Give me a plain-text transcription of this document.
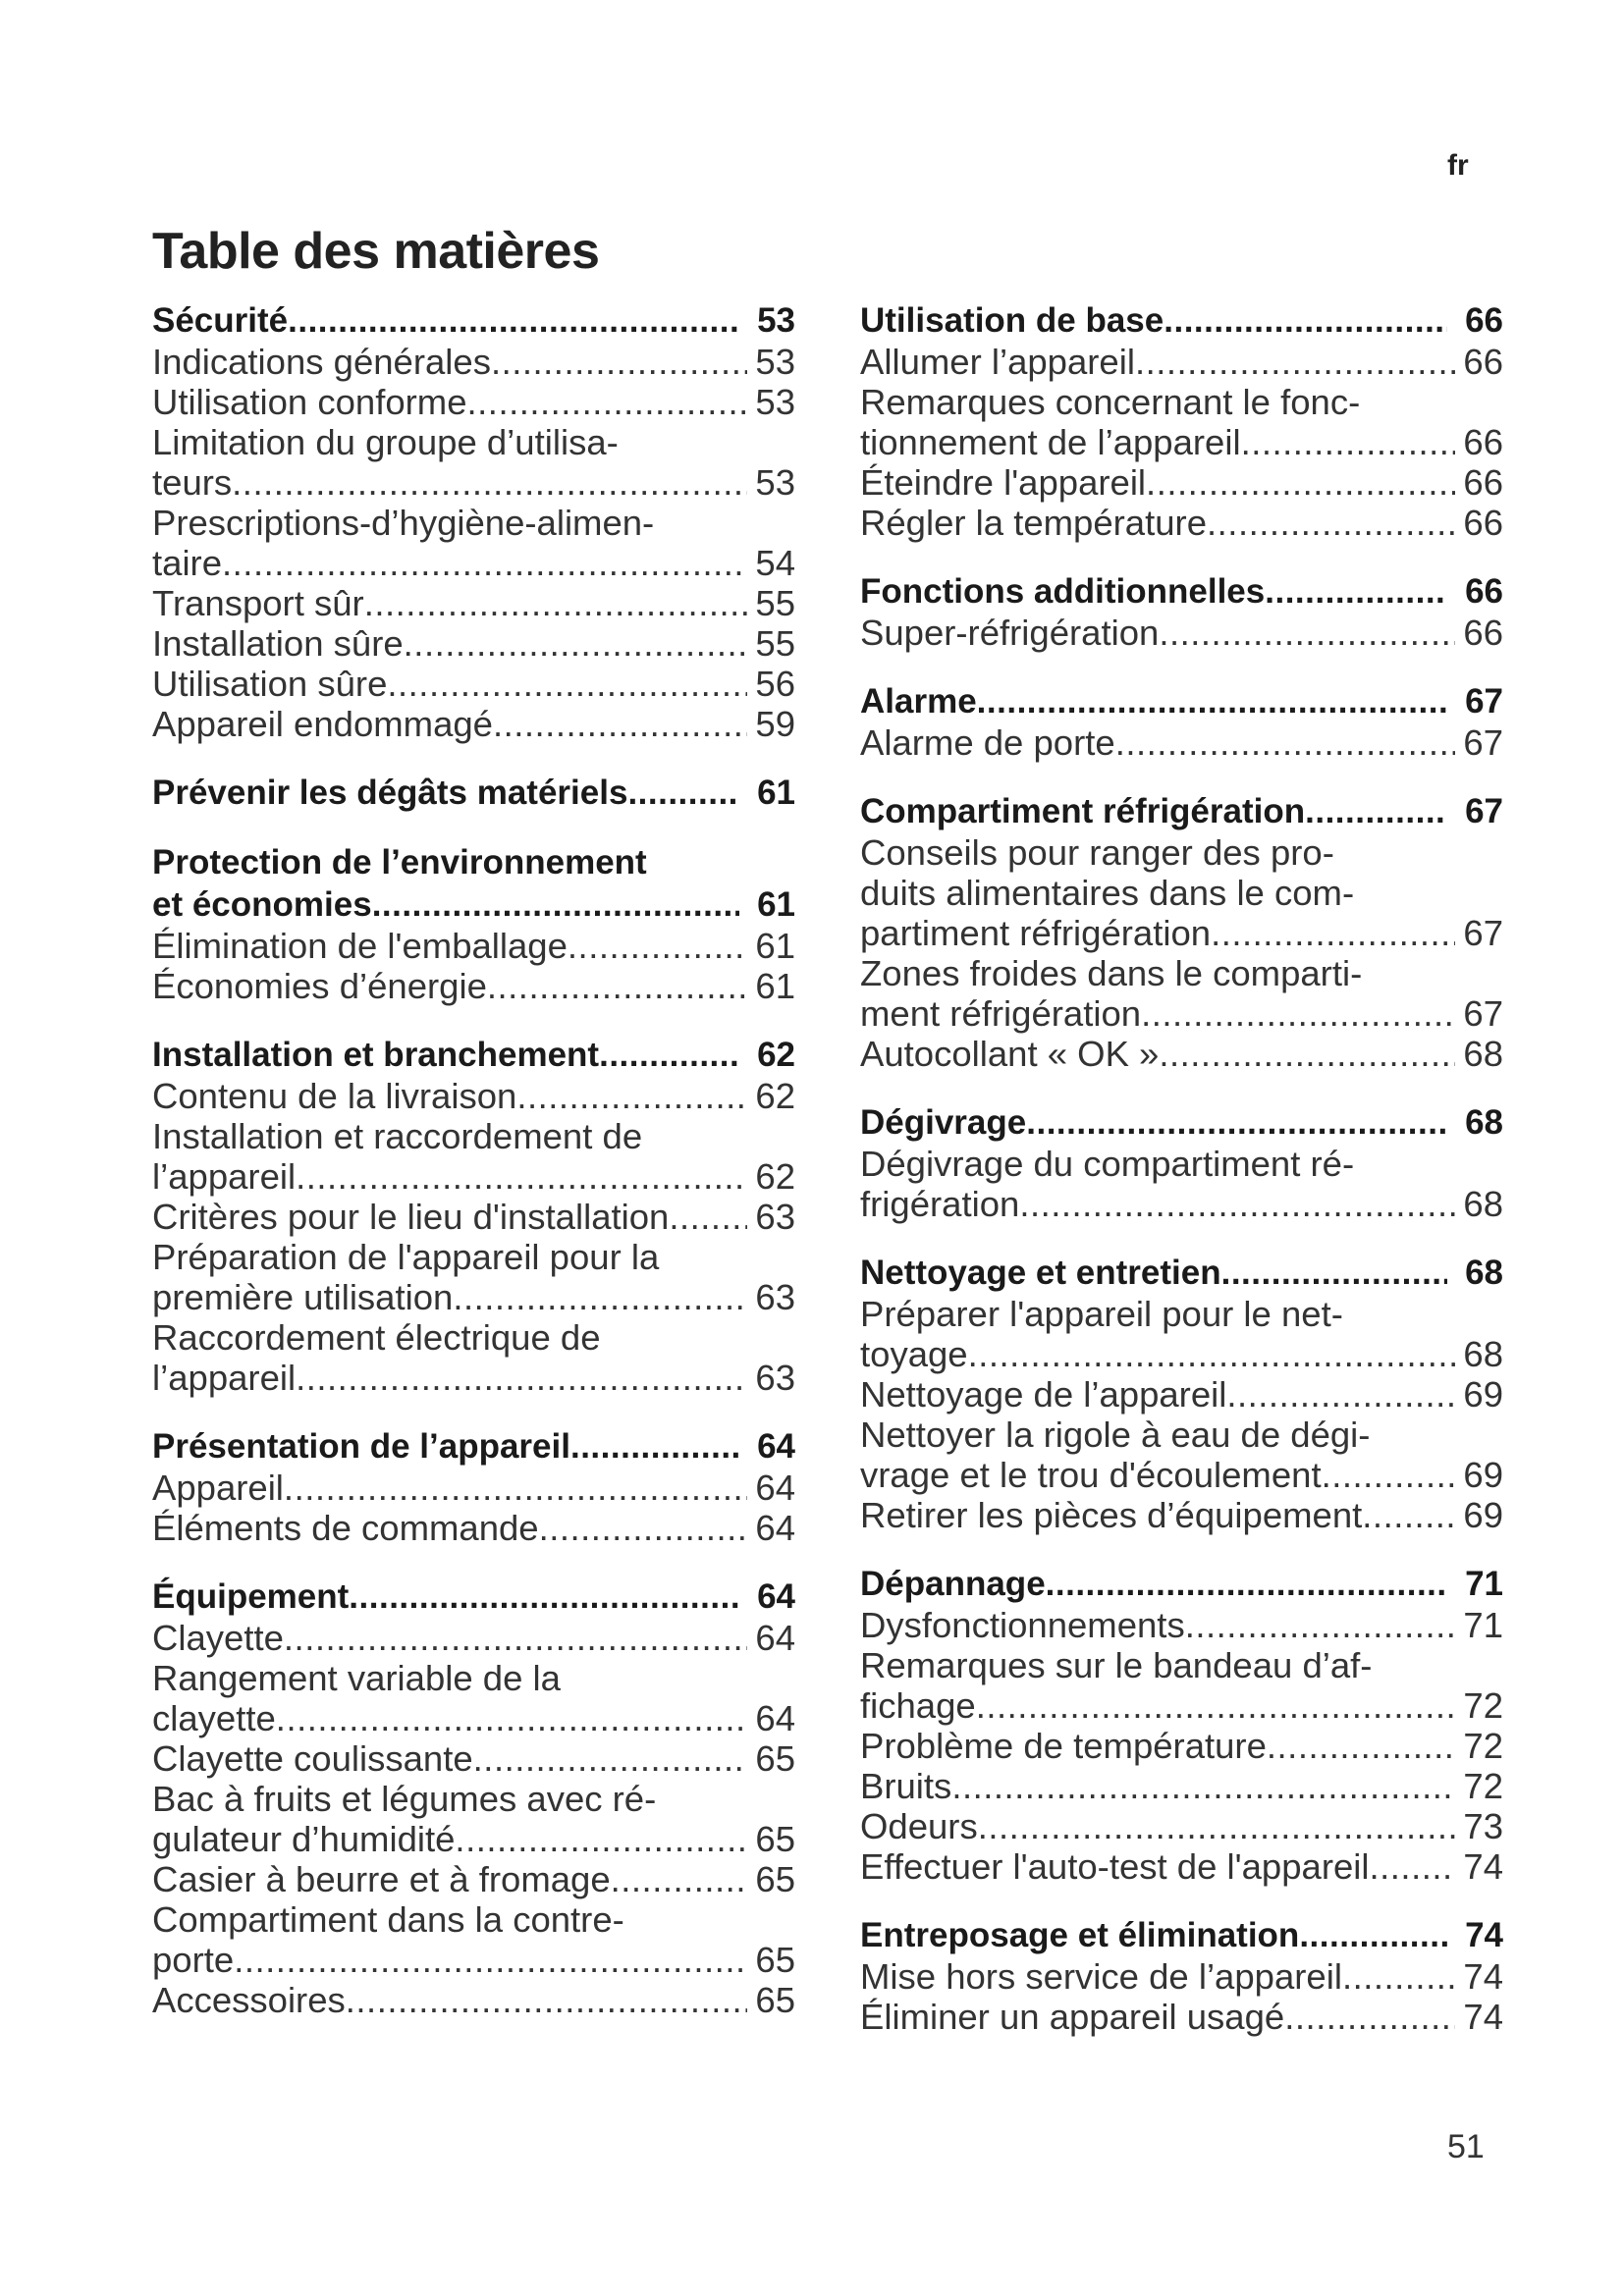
fr
Table des matières
Sécurité .....	53
Indications générales .....	53
Utilisation conforme .....	53
Limitation du groupe d’utilisa-
teurs .....	53
Prescriptions-d’hygiène-alimen-
taire .....	54
Transport sûr .....	55
Installation sûre .....	55
Utilisation sûre .....	56
Appareil endommagé .....	59
Prévenir les dégâts matériels .....	61
Protection de l’environnement
et économies .....	61
Élimination de l'emballage .....	61
Économies d’énergie .....	61
Installation et branchement .....	62
Contenu de la livraison .....	62
Installation et raccordement de
l’appareil .....	62
Critères pour le lieu d'installation ..... 63
Préparation de l'appareil pour la
première utilisation .....	63
Raccordement électrique de
l’appareil .....	63
Présentation de l’appareil .....	64
Appareil .....	64
Éléments de commande .....	64
Équipement .....	64
Clayette .....	64
Rangement variable de la
clayette .....	64
Clayette coulissante .....	65
Bac à fruits et légumes avec ré-
gulateur d’humidité .....	65
Casier à beurre et à fromage .....	65
Compartiment dans la contre-
porte .....	65
Accessoires .....	65
Utilisation de base .....	66
Allumer l’appareil .....	66
Remarques concernant le fonc-
tionnement de l’appareil .....	66
Éteindre l'appareil .....	66
Régler la température .....	66
Fonctions additionnelles .....	66
Super-réfrigération .....	66
Alarme .....	67
Alarme de porte .....	67
Compartiment réfrigération .....	67
Conseils pour ranger des pro-
duits alimentaires dans le com-
partiment réfrigération .....	67
Zones froides dans le comparti-
ment réfrigération .....	67
Autocollant « OK » .....	68
Dégivrage .....	68
Dégivrage du compartiment ré-
frigération .....	68
Nettoyage et entretien .....	68
Préparer l'appareil pour le net-
toyage .....	68
Nettoyage de l’appareil .....	69
Nettoyer la rigole à eau de dégi-
vrage et le trou d'écoulement .....	69
Retirer les pièces d’équipement .....	69
Dépannage .....	71
Dysfonctionnements .....	71
Remarques sur le bandeau d’af-
fichage .....	72
Problème de température .....	72
Bruits .....	72
Odeurs .....	73
Effectuer l'auto-test de l'appareil .....	74
Entreposage et élimination .....	74
Mise hors service de l’appareil .....	74
Éliminer un appareil usagé .....	74
51
